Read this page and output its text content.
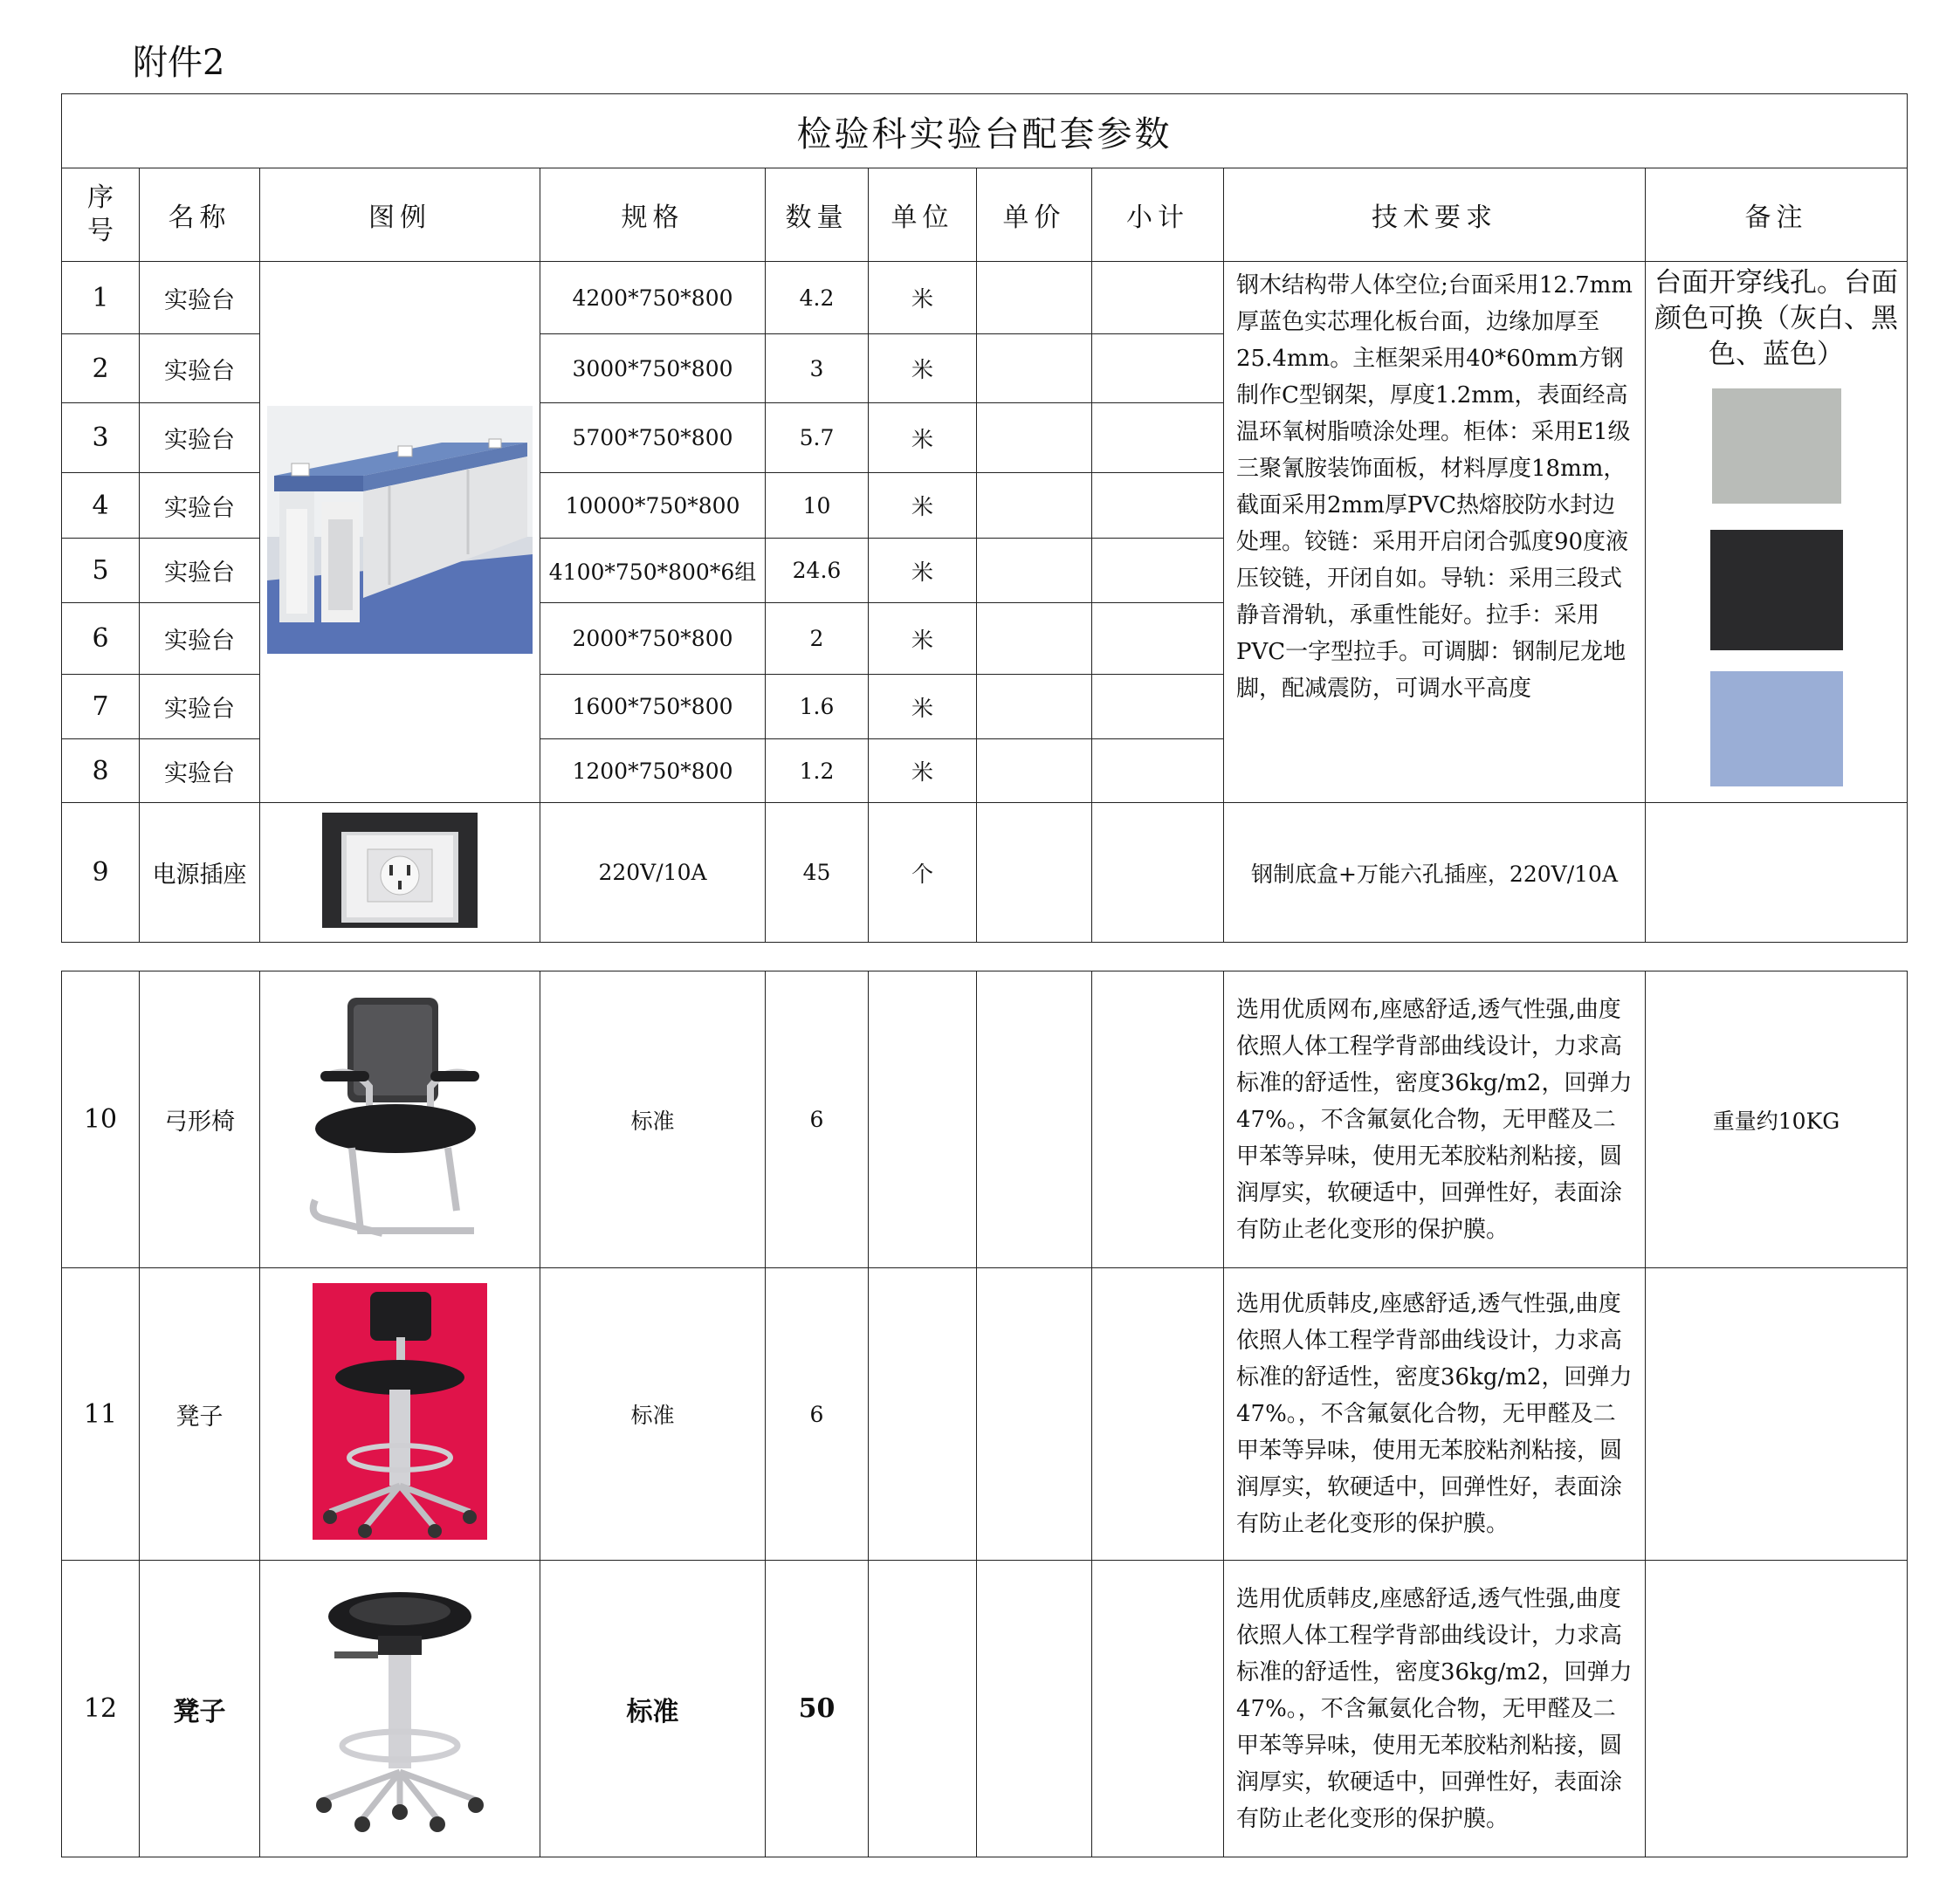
附件2
检验科实验台配套参数									

序号	名称	图例	规格	数量	单位	单价	小计	技术要求	备注
1	实验台		4200*750*800	4.2	米			钢木结构带人体空位;台面采用12.7mm厚蓝色实芯理化板台面，边缘加厚至25.4mm。主框架采用40*60mm方钢制作C型钢架，厚度1.2mm，表面经高温环氧树脂喷涂处理。柜体：采用E1级三聚氰胺装饰面板，材料厚度18mm，截面采用2mm厚PVC热熔胶防水封边处理。铰链：采用开启闭合弧度90度液压铰链，开闭自如。导轨：采用三段式静音滑轨，承重性能好。拉手：采用PVC一字型拉手。可调脚：钢制尼龙地脚，配减震防，可调水平高度	台面开穿线孔。台面颜色可换（灰白、黑色、蓝色）

2	实验台		3000*750*800	3	米				
3	实验台		5700*750*800	5.7	米				
4	实验台		10000*750*800	10	米				
5	实验台		4100*750*800*6组	24.6	米				
6	实验台		2000*750*800	2	米				
7	实验台		1600*750*800	1.6	米				
8	实验台		1200*750*800	1.2	米				
9	电源插座		220V/10A	45	个			钢制底盒+万能六孔插座，220V/10A	
10	弓形椅		标准	6				选用优质网布,座感舒适,透气性强,曲度依照人体工程学背部曲线设计，力求高标准的舒适性，密度36kg/m2，回弹力47%。，不含氟氨化合物，无甲醛及二甲苯等异味，使用无苯胶粘剂粘接，圆润厚实，软硬适中，回弹性好，表面涂有防止老化变形的保护膜。	重量约10KG
11	凳子		标准	6				选用优质韩皮,座感舒适,透气性强,曲度依照人体工程学背部曲线设计，力求高标准的舒适性，密度36kg/m2，回弹力47%。，不含氟氨化合物，无甲醛及二甲苯等异味，使用无苯胶粘剂粘接，圆润厚实，软硬适中，回弹性好，表面涂有防止老化变形的保护膜。	
12	凳子		标准	50				选用优质韩皮,座感舒适,透气性强,曲度依照人体工程学背部曲线设计，力求高标准的舒适性，密度36kg/m2，回弹力47%。，不含氟氨化合物，无甲醛及二甲苯等异味，使用无苯胶粘剂粘接，圆润厚实，软硬适中，回弹性好，表面涂有防止老化变形的保护膜。	
